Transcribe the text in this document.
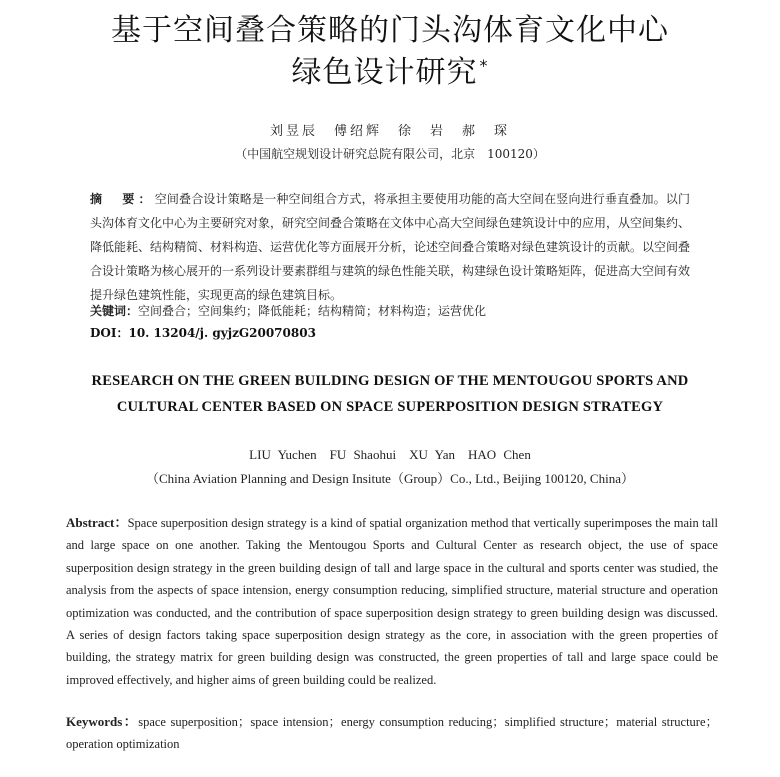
基于空间叠合策略的门头沟体育文化中心
绿色设计研究 *
刘昱辰　傅绍辉　徐　岩　郝　琛
（中国航空规划设计研究总院有限公司，北京　100120）
摘　要：空间叠合设计策略是一种空间组合方式，将承担主要使用功能的高大空间在竖向进行垂直叠加。以门头沟体育文化中心为主要研究对象，研究空间叠合策略在文体中心高大空间绿色建筑设计中的应用，从空间集约、降低能耗、结构精简、材料构造、运营优化等方面展开分析，论述空间叠合策略对绿色建筑设计的贡献。以空间叠合设计策略为核心展开的一系列设计要素群组与建筑的绿色性能关联，构建绿色设计策略矩阵，促进高大空间有效提升绿色建筑性能，实现更高的绿色建筑目标。
关键词：空间叠合；空间集约；降低能耗；结构精简；材料构造；运营优化
DOI：10. 13204/j. gyjzG20070803
RESEARCH ON THE GREEN BUILDING DESIGN OF THE MENTOUGOU SPORTS AND
CULTURAL CENTER BASED ON SPACE SUPERPOSITION DESIGN STRATEGY
LIU Yuchen　FU Shaohui　XU Yan　HAO Chen
（China Aviation Planning and Design Insitute（Group）Co., Ltd., Beijing 100120, China）
Abstract：Space superposition design strategy is a kind of spatial organization method that vertically superimposes the main tall and large space on one another. Taking the Mentougou Sports and Cultural Center as research object, the use of space superposition design strategy in the green building design of tall and large space in the cultural and sports center was studied, the analysis from the aspects of space intension, energy consumption reducing, simplified structure, material structure and operation optimization was conducted, and the contribution of space superposition design strategy to green building design was discussed. A series of design factors taking space superposition design strategy as the core, in association with the green properties of building, the strategy matrix for green building design was constructed, the green properties of tall and large space could be improved effectively, and higher aims of green building could be realized.
Keywords：space superposition；space intension；energy consumption reducing；simplified structure；material structure；operation optimization
